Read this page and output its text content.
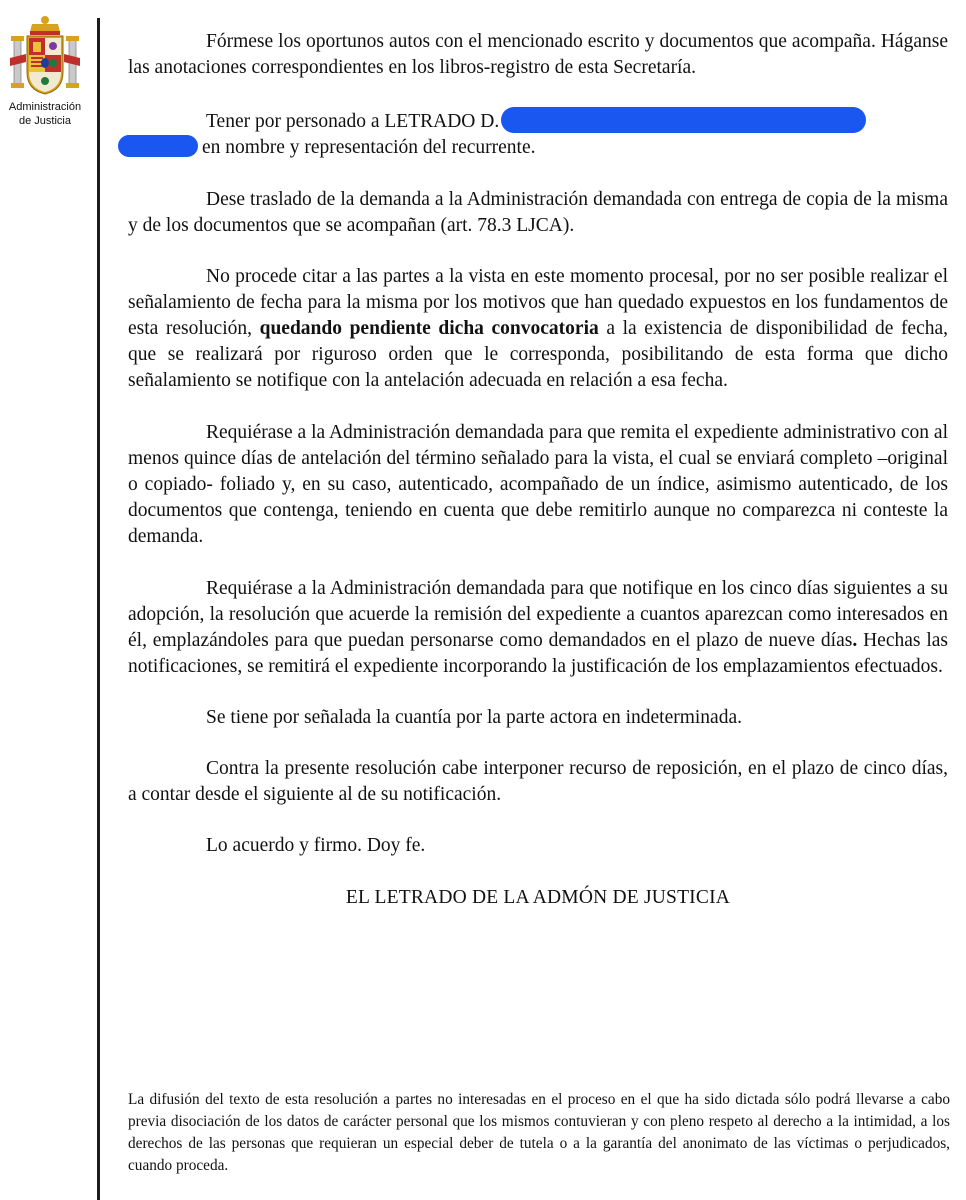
Administración
de Justicia

Fórmese los oportunos autos con el mencionado escrito y documentos que acompaña. Háganse las anotaciones correspondientes en los libros-registro de esta Secretaría.

Tener por personado a LETRADO D.
en nombre y representación del recurrente.

Dese traslado de la demanda a la Administración demandada con entrega de copia de la misma y de los documentos que se acompañan (art. 78.3 LJCA).

No procede citar a las partes a la vista en este momento procesal, por no ser posible realizar el señalamiento de fecha para la misma por los motivos que han quedado expuestos en los fundamentos de esta resolución, quedando pendiente dicha convocatoria a la existencia de disponibilidad de fecha, que se realizará por riguroso orden que le corresponda, posibilitando de esta forma que dicho señalamiento se notifique con la antelación adecuada en relación a esa fecha.

Requiérase a la Administración demandada para que remita el expediente administrativo con al menos quince días de antelación del término señalado para la vista, el cual se enviará completo –original o copiado- foliado y, en su caso, autenticado, acompañado de un índice, asimismo autenticado, de los documentos que contenga, teniendo en cuenta que debe remitirlo aunque no comparezca ni conteste la demanda.

Requiérase a la Administración demandada para que notifique en los cinco días siguientes a su adopción, la resolución que acuerde la remisión del expediente a cuantos aparezcan como interesados en él, emplazándoles para que puedan personarse como demandados en el plazo de nueve días. Hechas las notificaciones, se remitirá el expediente incorporando la justificación de los emplazamientos efectuados.

Se tiene por señalada la cuantía por la parte actora en indeterminada.

Contra la presente resolución cabe interponer recurso de reposición, en el plazo de cinco días, a contar desde el siguiente al de su notificación.

Lo acuerdo y firmo. Doy fe.

EL LETRADO DE LA ADMÓN DE JUSTICIA

La difusión del texto de esta resolución a partes no interesadas en el proceso en el que ha sido dictada sólo podrá llevarse a cabo previa disociación de los datos de carácter personal que los mismos contuvieran y con pleno respeto al derecho a la intimidad, a los derechos de las personas que requieran un especial deber de tutela o a la garantía del anonimato de las víctimas o perjudicados, cuando proceda.
